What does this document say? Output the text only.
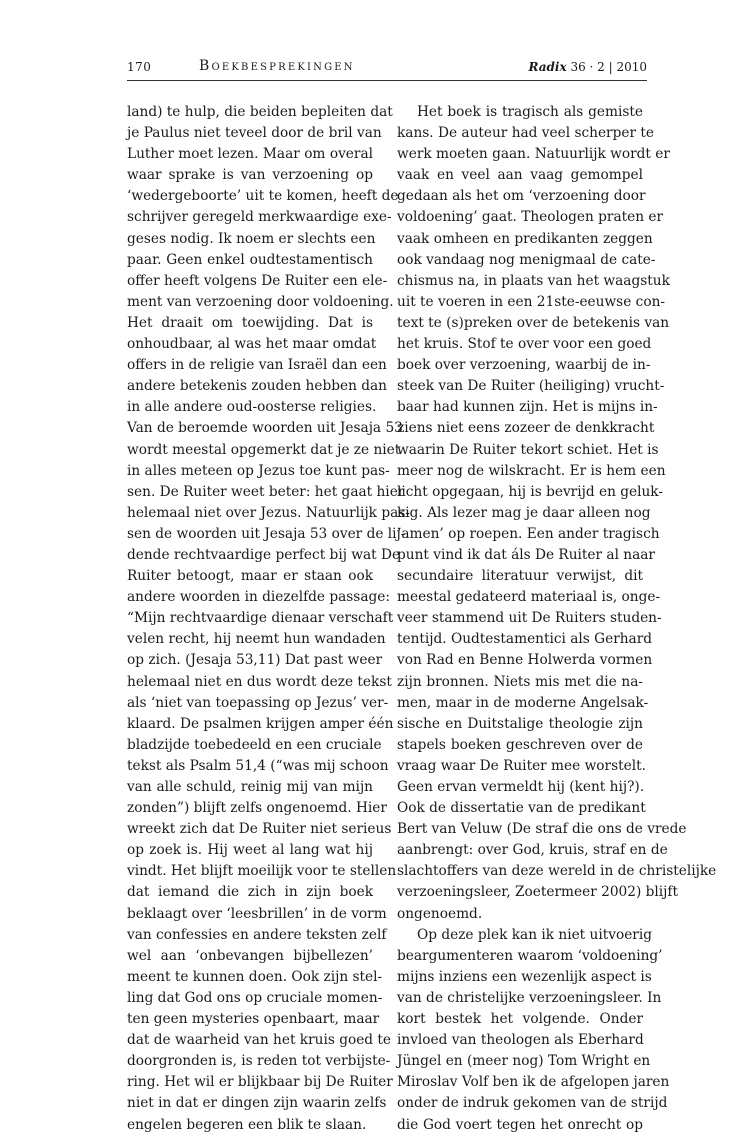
170	Boekbesprekingen	Radix 36 · 2 | 2010
land) te hulp, die beiden bepleiten dat
je Paulus niet teveel door de bril van
Luther moet lezen. Maar om overal
waar sprake is van verzoening op
‘wedergeboorte’ uit te komen, heeft de
schrijver geregeld merkwaardige exe-
geses nodig. Ik noem er slechts een
paar. Geen enkel oudtestamentisch
offer heeft volgens De Ruiter een ele-
ment van verzoening door voldoening.
Het draait om toewijding. Dat is
onhoudbaar, al was het maar omdat
offers in de religie van Israël dan een
andere betekenis zouden hebben dan
in alle andere oud-oosterse religies.
Van de beroemde woorden uit Jesaja 53
wordt meestal opgemerkt dat je ze niet
in alles meteen op Jezus toe kunt pas-
sen. De Ruiter weet beter: het gaat hier
helemaal niet over Jezus. Natuurlijk pas-
sen de woorden uit Jesaja 53 over de lij-
dende rechtvaardige perfect bij wat De
Ruiter betoogt, maar er staan ook
andere woorden in diezelfde passage:
“Mijn rechtvaardige dienaar verschaft
velen recht, hij neemt hun wandaden
op zich. (Jesaja 53,11) Dat past weer
helemaal niet en dus wordt deze tekst
als ‘niet van toepassing op Jezus’ ver-
klaard. De psalmen krijgen amper één
bladzijde toebedeeld en een cruciale
tekst als Psalm 51,4 (“was mij schoon
van alle schuld, reinig mij van mijn
zonden”) blijft zelfs ongenoemd. Hier
wreekt zich dat De Ruiter niet serieus
op zoek is. Hij weet al lang wat hij
vindt. Het blijft moeilijk voor te stellen
dat iemand die zich in zijn boek
beklaagt over ‘leesbrillen’ in de vorm
van confessies en andere teksten zelf
wel aan ‘onbevangen bijbellezen’
meent te kunnen doen. Ook zijn stel-
ling dat God ons op cruciale momen-
ten geen mysteries openbaart, maar
dat de waarheid van het kruis goed te
doorgronden is, is reden tot verbijste-
ring. Het wil er blijkbaar bij De Ruiter
niet in dat er dingen zijn waarin zelfs
engelen begeren een blik te slaan.
Het boek is tragisch als gemiste
kans. De auteur had veel scherper te
werk moeten gaan. Natuurlijk wordt er
vaak en veel aan vaag gemompel
gedaan als het om ‘verzoening door
voldoening’ gaat. Theologen praten er
vaak omheen en predikanten zeggen
ook vandaag nog menigmaal de cate-
chismus na, in plaats van het waagstuk
uit te voeren in een 21ste-eeuwse con-
text te (s)preken over de betekenis van
het kruis. Stof te over voor een goed
boek over verzoening, waarbij de in-
steek van De Ruiter (heiliging) vrucht-
baar had kunnen zijn. Het is mijns in-
ziens niet eens zozeer de denkkracht
waarin De Ruiter tekort schiet. Het is
meer nog de wilskracht. Er is hem een
licht opgegaan, hij is bevrijd en geluk-
kig. Als lezer mag je daar alleen nog
‘amen’ op roepen. Een ander tragisch
punt vind ik dat áls De Ruiter al naar
secundaire literatuur verwijst, dit
meestal gedateerd materiaal is, onge-
veer stammend uit De Ruiters studen-
tentijd. Oudtestamentici als Gerhard
von Rad en Benne Holwerda vormen
zijn bronnen. Niets mis met die na-
men, maar in de moderne Angelsak-
sische en Duitstalige theologie zijn
stapels boeken geschreven over de
vraag waar De Ruiter mee worstelt.
Geen ervan vermeldt hij (kent hij?).
Ook de dissertatie van de predikant
Bert van Veluw (De straf die ons de vrede
aanbrengt: over God, kruis, straf en de
slachtoffers van deze wereld in de christelijke
verzoeningsleer, Zoetermeer 2002) blijft
ongenoemd.
Op deze plek kan ik niet uitvoerig
beargumenteren waarom ‘voldoening’
mijns inziens een wezenlijk aspect is
van de christelijke verzoeningsleer. In
kort bestek het volgende. Onder
invloed van theologen als Eberhard
Jüngel en (meer nog) Tom Wright en
Miroslav Volf ben ik de afgelopen jaren
onder de indruk gekomen van de strijd
die God voert tegen het onrecht op
